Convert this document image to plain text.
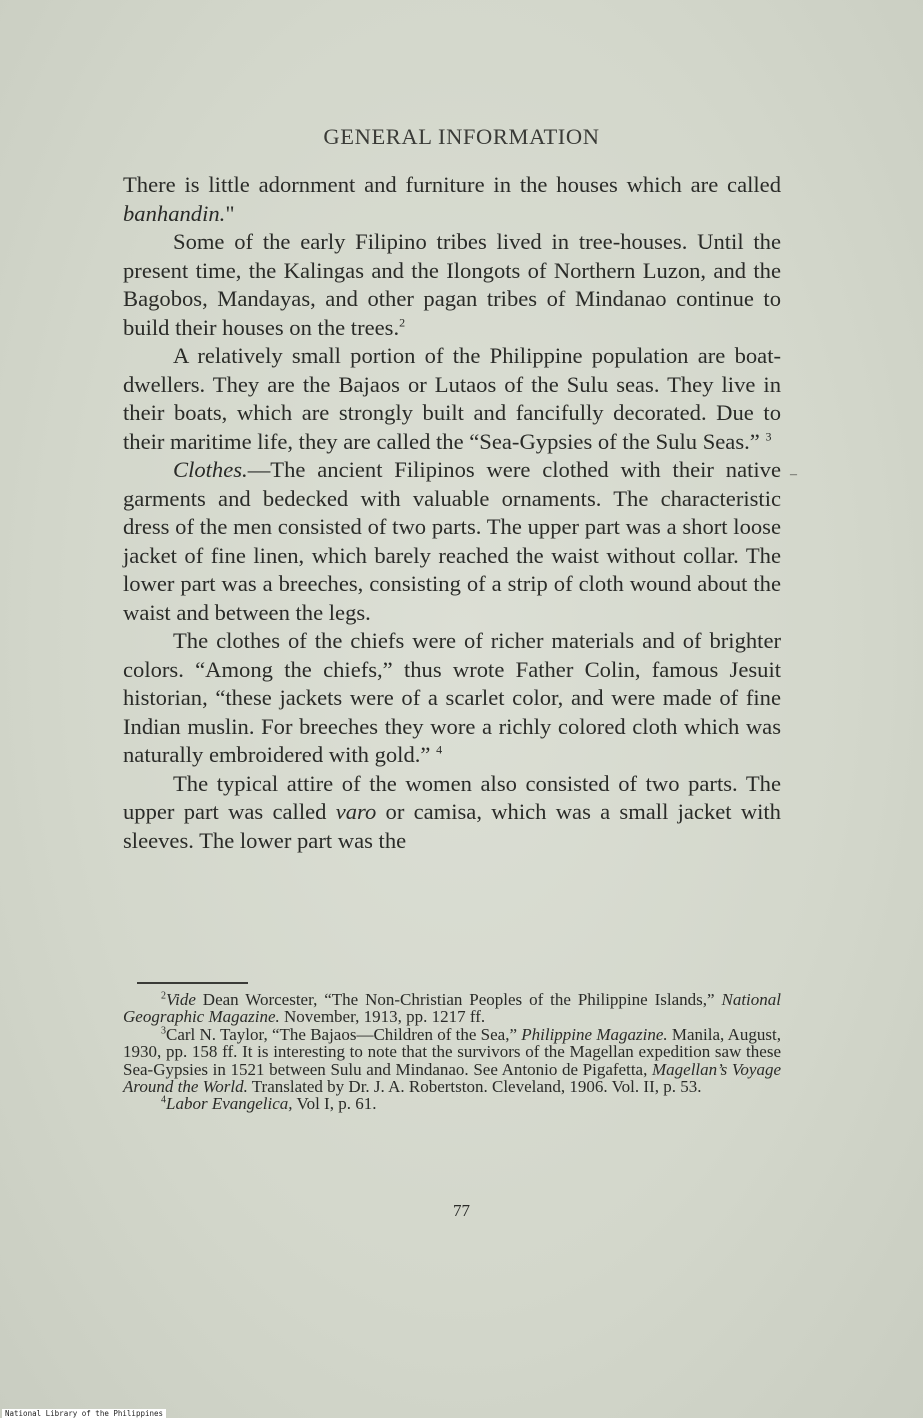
GENERAL INFORMATION

There is little adornment and furniture in the houses which are called banhandin."

Some of the early Filipino tribes lived in tree-houses. Until the present time, the Kalingas and the Ilongots of Northern Luzon, and the Bagobos, Mandayas, and other pagan tribes of Mindanao continue to build their houses on the trees.$^2$

A relatively small portion of the Philippine population are boat-dwellers. They are the Bajaos or Lutaos of the Sulu seas. They live in their boats, which are strongly built and fancifully decorated. Due to their maritime life, they are called the “Sea-Gypsies of the Sulu Seas.” $^3$

Clothes.—The ancient Filipinos were clothed with their native garments and bedecked with valuable ornaments. The characteristic dress of the men consisted of two parts. The upper part was a short loose jacket of fine linen, which barely reached the waist without collar. The lower part was a breeches, consisting of a strip of cloth wound about the waist and between the legs.

The clothes of the chiefs were of richer materials and of brighter colors. “Among the chiefs,” thus wrote Father Colin, famous Jesuit historian, “these jackets were of a scarlet color, and were made of fine Indian muslin. For breeches they wore a richly colored cloth which was naturally embroidered with gold.” $^4$

The typical attire of the women also consisted of two parts. The upper part was called varo or camisa, which was a small jacket with sleeves. The lower part was the

–

$^2$Vide Dean Worcester, “The Non-Christian Peoples of the Philippine Islands,” National Geographic Magazine. November, 1913, pp. 1217 ff.

$^3$Carl N. Taylor, “The Bajaos—Children of the Sea,” Philippine Magazine. Manila, August, 1930, pp. 158 ff. It is interesting to note that the survivors of the Magellan expedition saw these Sea-Gypsies in 1521 between Sulu and Mindanao. See Antonio de Pigafetta, Magellan’s Voyage Around the World. Translated by Dr. J. A. Robertston. Cleveland, 1906. Vol. II, p. 53.

$^4$Labor Evangelica, Vol I, p. 61.

77
National Library of the Philippines
